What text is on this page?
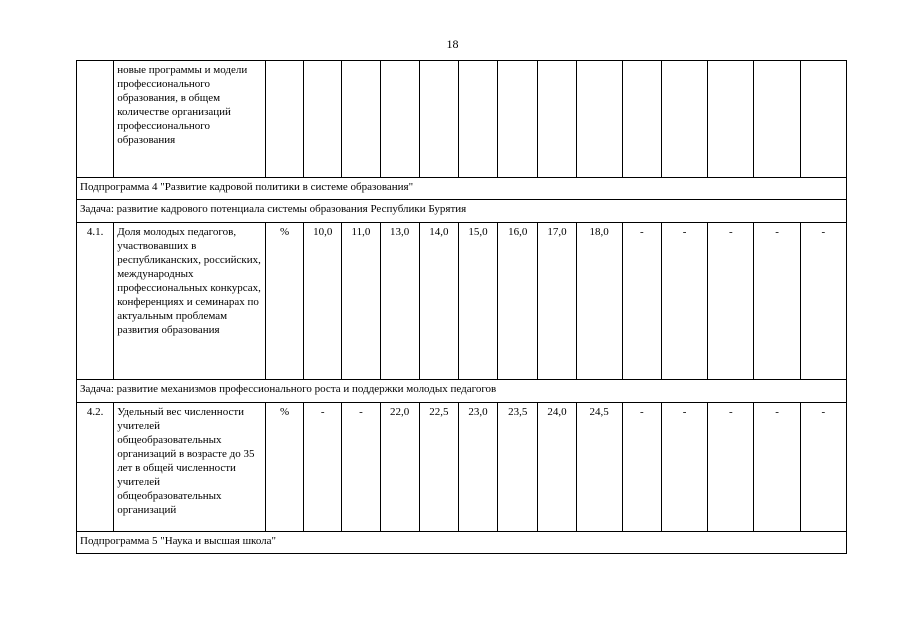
18
	новые программы и модели профессионального образования, в общем количестве организаций профессионального образования														
Подпрограмма 4 "Развитие кадровой политики в системе образования"															
Задача: развитие кадрового потенциала системы образования Республики Бурятия															
4.1.	Доля молодых педагогов, участвовавших в республиканских, российских, международных профессиональных конкурсах, конференциях и семинарах по актуальным проблемам развития образования	%	10,0	11,0	13,0	14,0	15,0	16,0	17,0	18,0	-	-	-	-	-
Задача: развитие механизмов профессионального роста и поддержки молодых педагогов															
4.2.	Удельный вес численности учителей общеобразовательных организаций в возрасте до 35 лет в общей численности учителей общеобразовательных организаций	%	-	-	22,0	22,5	23,0	23,5	24,0	24,5	-	-	-	-	-
Подпрограмма 5 "Наука и высшая школа"															
